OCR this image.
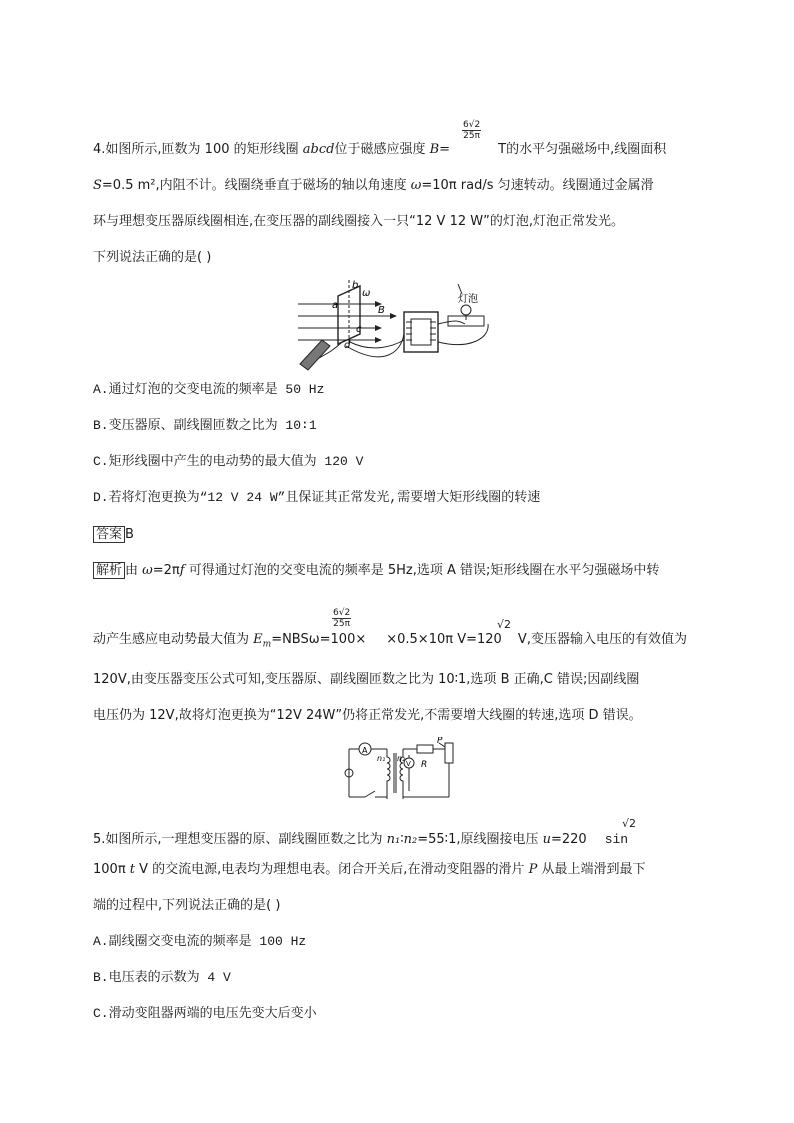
$\frac{6√2}{25\pi}$
4.如图所示,匝数为 100 的矩形线圈 abcd位于磁感应强度 B=	T的水平匀强磁场中,线圈面积
S=0.5 m²,内阻不计。线圈绕垂直于磁场的轴以角速度 ω=10π rad/s 匀速转动。线圈通过金属滑
环与理想变压器原线圈相连,在变压器的副线圈接入一只“12 V 12 W”的灯泡,灯泡正常发光。
下列说法正确的是( )
a
b
c
d
B
ω
灯泡
A.通过灯泡的交变电流的频率是 50 Hz
B.变压器原、副线圈匝数之比为 10∶1
C.矩形线圈中产生的电动势的最大值为 120 V
D.若将灯泡更换为“12 V 24 W”且保证其正常发光,需要增大矩形线圈的转速
答案 B
解析 由 ω=2πf 可得通过灯泡的交变电流的频率是 5Hz,选项 A 错误;矩形线圈在水平匀强磁场中转
$\frac{6√2}{25\pi}$	√2
动产生感应电动势最大值为 $E_m=NBS\omega=100\times \times 0.5\times 10\pi$ V=120 V,变压器输入电压的有效值为
120V,由变压器变压公式可知,变压器原、副线圈匝数之比为 10∶1,选项 B 正确,C 错误;因副线圈
电压仍为 12V,故将灯泡更换为“12V 24W”仍将正常发光,不需要增大线圈的转速,选项 D 错误。
A
V
n₁ n₂
R
P
√2
5.如图所示,一理想变压器的原、副线圈匝数之比为 n₁∶n₂=55∶1,原线圈接电压 u=220 sin
100π t V 的交流电源,电表均为理想电表。闭合开关后,在滑动变阻器的滑片 P 从最上端滑到最下
端的过程中,下列说法正确的是( )
A.副线圈交变电流的频率是 100 Hz
B.电压表的示数为 4 V
C.滑动变阻器两端的电压先变大后变小
